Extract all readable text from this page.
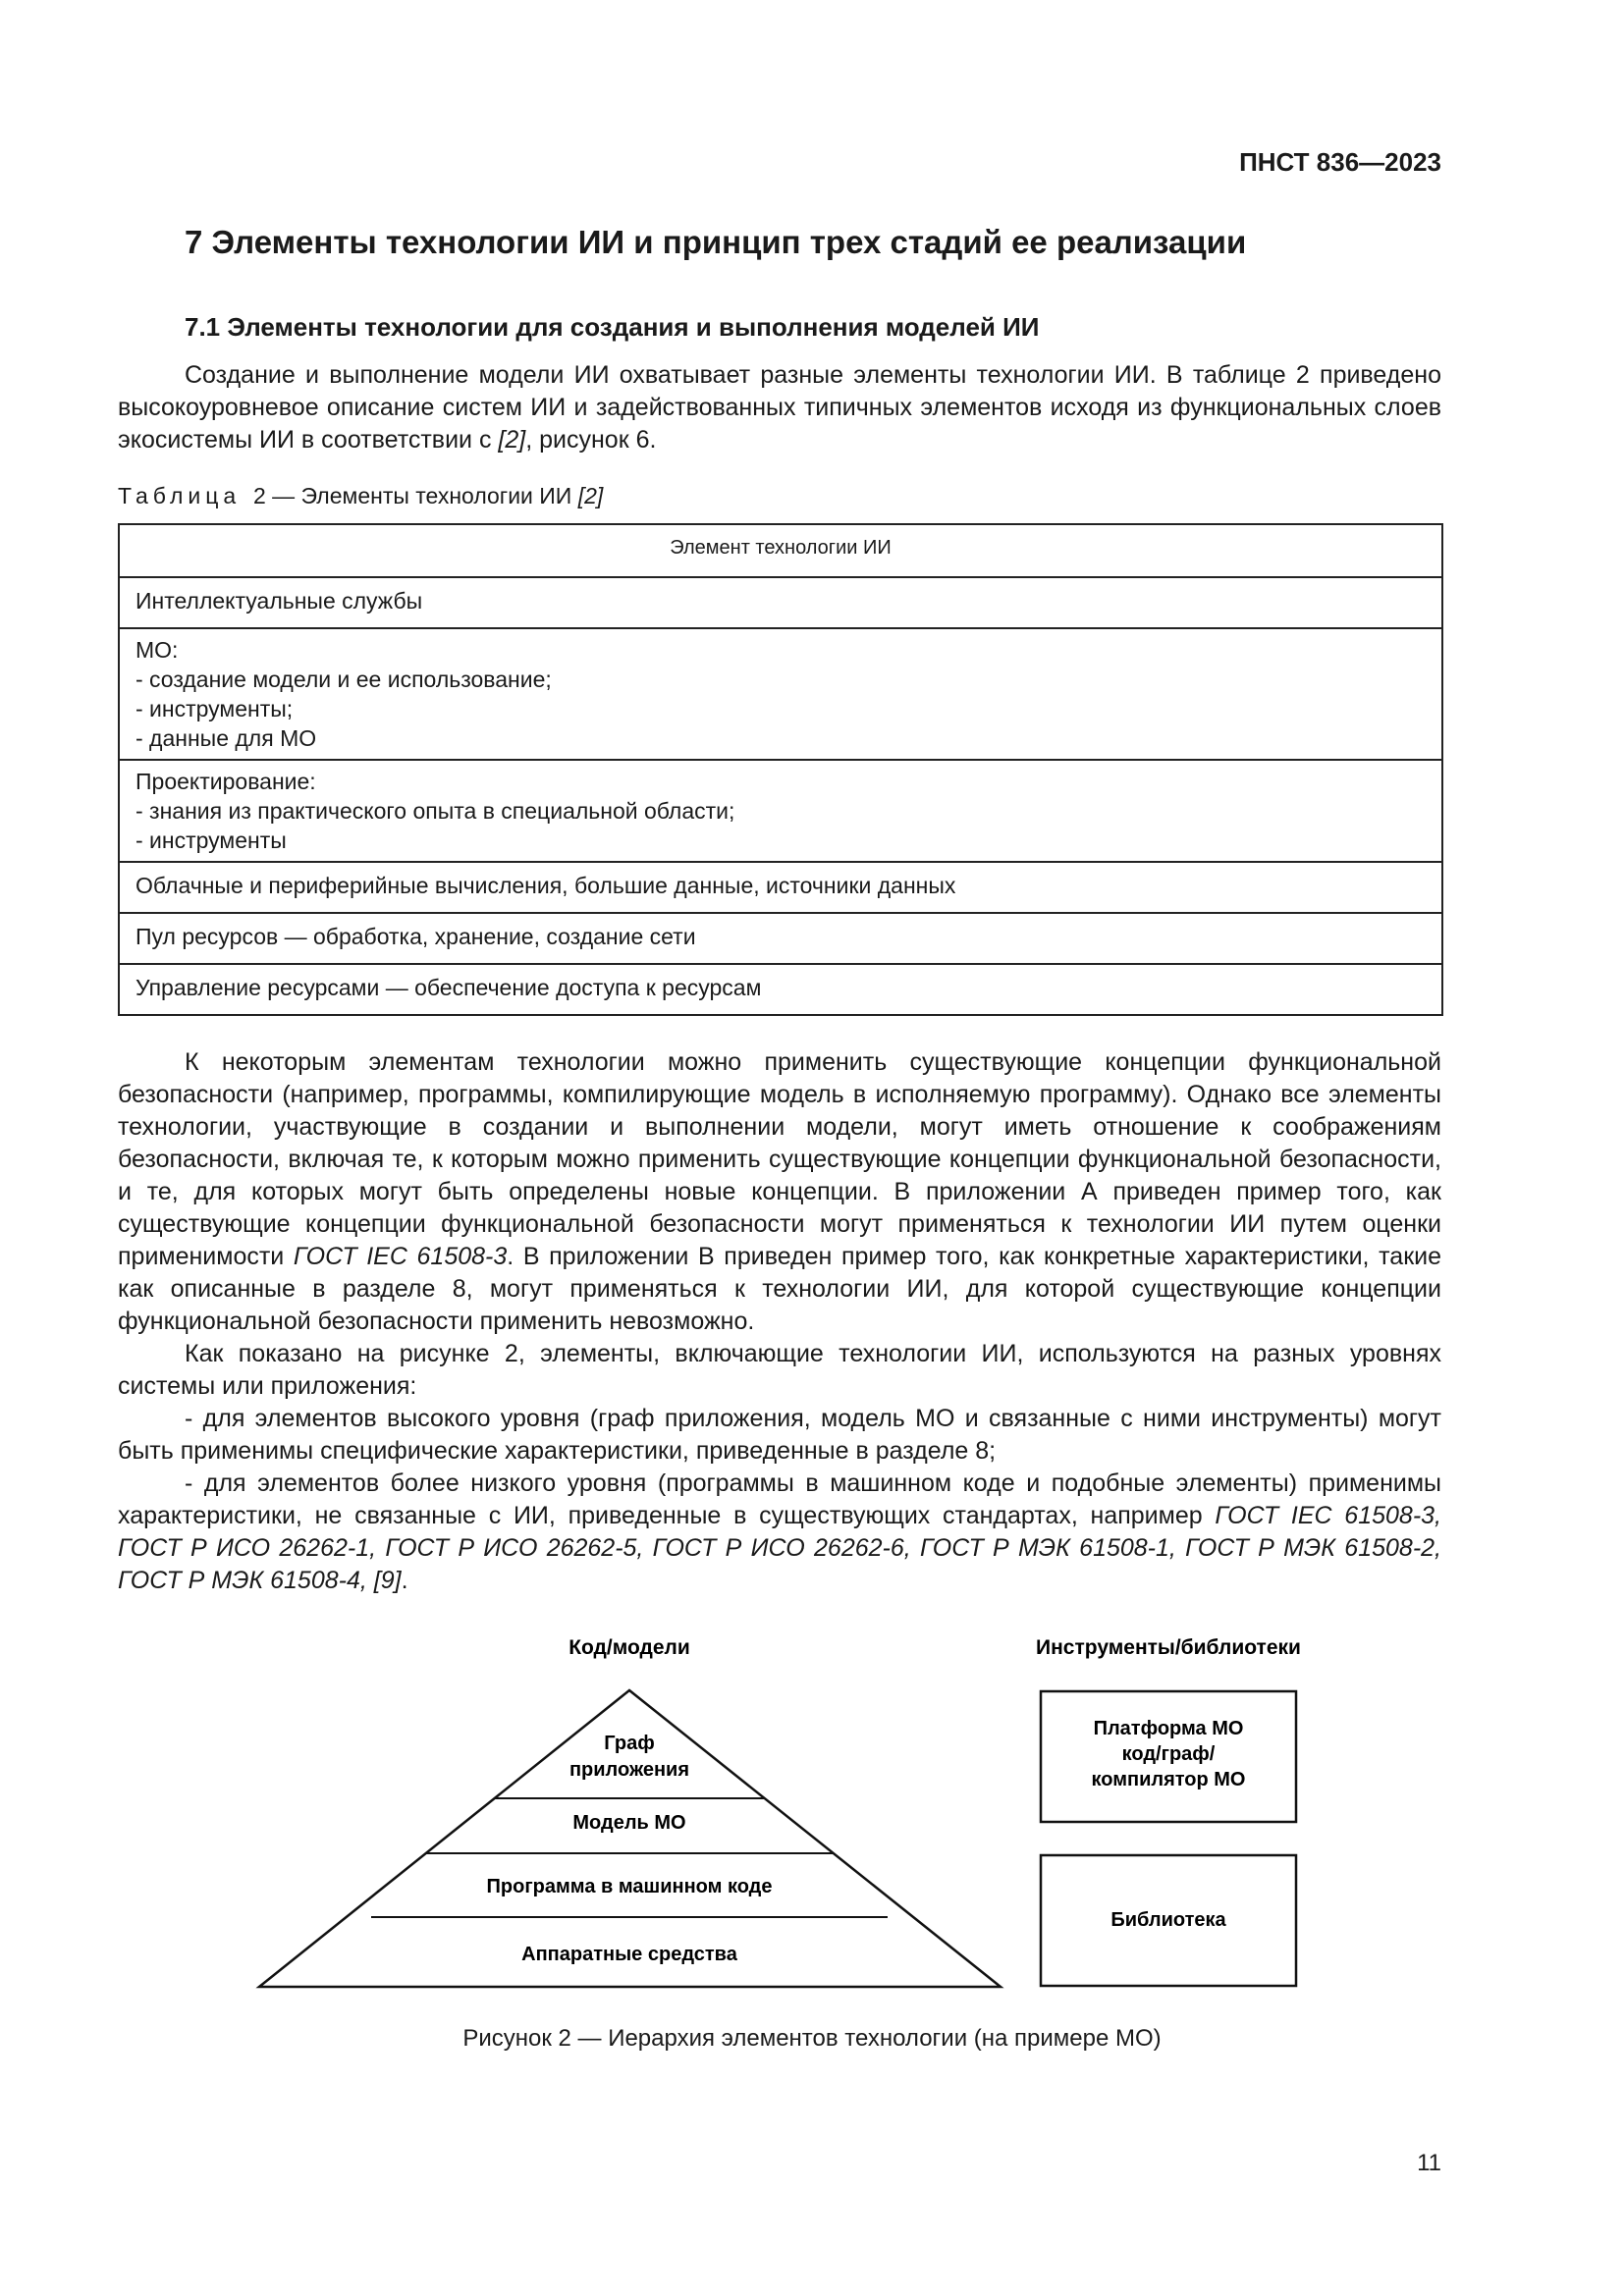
ПНСТ 836—2023
7 Элементы технологии ИИ и принцип трех стадий ее реализации
7.1 Элементы технологии для создания и выполнения моделей ИИ

Создание и выполнение модели ИИ охватывает разные элементы технологии ИИ. В таблице 2 приведено высокоуровневое описание систем ИИ и задействованных типичных элементов исходя из функциональных слоев экосистемы ИИ в соответствии с [2], рисунок 6.

Таблица 2 — Элементы технологии ИИ [2]
Элемент технологии ИИ

Интеллектуальные службы

МО:
- создание модели и ее использование;
- инструменты;
- данные для МО

Проектирование:
- знания из практического опыта в специальной области;
- инструменты

Облачные и периферийные вычисления, большие данные, источники данных

Пул ресурсов — обработка, хранение, создание сети

Управление ресурсами — обеспечение доступа к ресурсам

К некоторым элементам технологии можно применить существующие концепции функциональной безопасности (например, программы, компилирующие модель в исполняемую программу). Однако все элементы технологии, участвующие в создании и выполнении модели, могут иметь отношение к соображениям безопасности, включая те, к которым можно применить существующие концепции функциональной безопасности, и те, для которых могут быть определены новые концепции. В приложении А приведен пример того, как существующие концепции функциональной безопасности могут применяться к технологии ИИ путем оценки применимости ГОСТ IEC 61508-3. В приложении В приведен пример того, как конкретные характеристики, такие как описанные в разделе 8, могут применяться к технологии ИИ, для которой существующие концепции функциональной безопасности применить невозможно.

Как показано на рисунке 2, элементы, включающие технологии ИИ, используются на разных уровнях системы или приложения:

- для элементов высокого уровня (граф приложения, модель МО и связанные с ними инструменты) могут быть применимы специфические характеристики, приведенные в разделе 8;

- для элементов более низкого уровня (программы в машинном коде и подобные элементы) применимы характеристики, не связанные с ИИ, приведенные в существующих стандартах, например ГОСТ IEC 61508-3, ГОСТ Р ИСО 26262-1, ГОСТ Р ИСО 26262-5, ГОСТ Р ИСО 26262-6, ГОСТ Р МЭК 61508-1, ГОСТ Р МЭК 61508-2, ГОСТ Р МЭК 61508-4, [9].

Код/модели	Инструменты/библиотеки
Граф
приложения
Модель МО
Программа в машинном коде
Аппаратные средства
Платформа МО
код/граф/
компилятор МО
Библиотека
Рисунок 2 — Иерархия элементов технологии (на примере МО)
11
